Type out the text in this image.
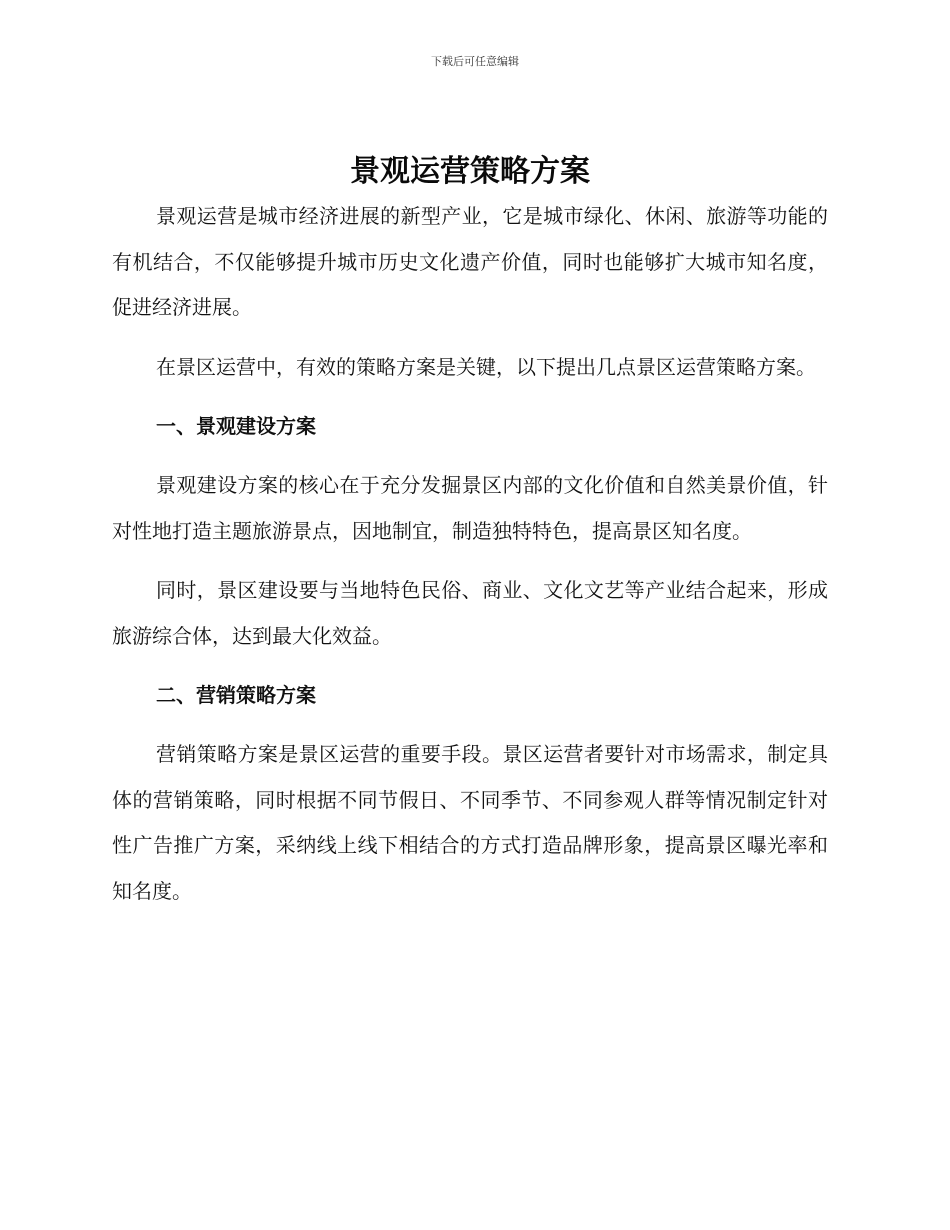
下载后可任意编辑
景观运营策略方案

景观运营是城市经济进展的新型产业，它是城市绿化、休闲、旅游等功能的有机结合，不仅能够提升城市历史文化遗产价值，同时也能够扩大城市知名度，促进经济进展。

在景区运营中，有效的策略方案是关键，以下提出几点景区运营策略方案。

一、景观建设方案

景观建设方案的核心在于充分发掘景区内部的文化价值和自然美景价值，针对性地打造主题旅游景点，因地制宜，制造独特特色，提高景区知名度。

同时，景区建设要与当地特色民俗、商业、文化文艺等产业结合起来，形成旅游综合体，达到最大化效益。

二、营销策略方案

营销策略方案是景区运营的重要手段。景区运营者要针对市场需求，制定具体的营销策略，同时根据不同节假日、不同季节、不同参观人群等情况制定针对性广告推广方案，采纳线上线下相结合的方式打造品牌形象，提高景区曝光率和知名度。
